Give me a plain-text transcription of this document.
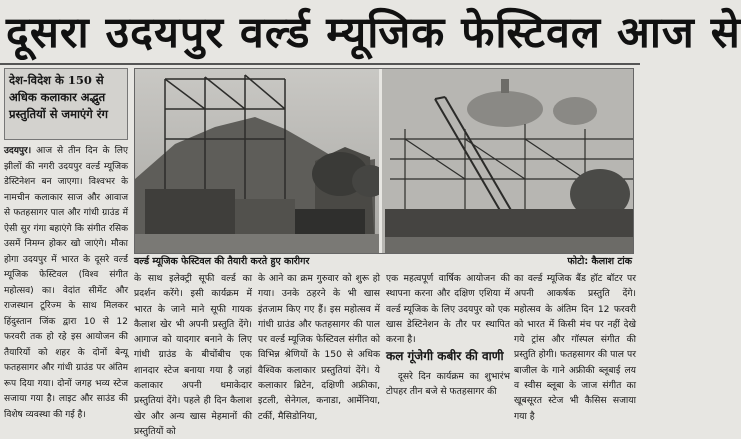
दूसरा उदयपुर वर्ल्ड म्यूजिक फेस्टिवल आज से
देश-विदेश के 150 से अधिक कलाकार अद्भुत प्रस्तुतियों से जमाएंगे रंग
उदयपुर। आज से तीन दिन के लिए झीलों की नगरी उदयपुर वर्ल्ड म्यूजिक डेस्टिनेशन बन जाएगा। विश्वभर के नामचीन कलाकार साज और आवाज से फतहसागर पाल और गांधी ग्राउंड में ऐसी सुर गंगा बहाएंगे कि संगीत रसिक उसमें निमग्न होकर खो जाएंगे। मौका होगा उदयपुर में भारत के दूसरे वर्ल्ड म्यूजिक फेस्टिवल (विश्व संगीत महोत्सव) का। वेदांत सीमेंट और राजस्थान टूरिज्म के साथ मिलकर हिंदुस्तान जिंक द्वारा 10 से 12 फरवरी तक हो रहे इस आयोजन की तैयारियों को शहर के दोनों बेन्यू फतहसागर और गांधी ग्राउंड पर अंतिम रूप दिया गया। दोनों जगह भव्य स्टेज सजाया गया है। लाइट और साउंड की विशेष व्यवस्था की गई है।
वर्ल्ड म्यूजिक फेस्टिवल की तैयारी करते हुए कारीगर	फोटो: कैलाश टांक
के साथ इलेक्ट्री सूफी वर्ल्ड का प्रदर्शन करेंगे। इसी कार्यक्रम में भारत के जाने माने सूफी गायक कैलाश खेर भी अपनी प्रस्तुति देंगे। आगाज को यादगार बनाने के लिए गांधी ग्राउंड के बीचोंबीच एक शानदार स्टेज बनाया गया है जहां कलाकार अपनी धमाकेदार प्रस्तुतियां देंगे। पहले ही दिन कैलाश खेर और अन्य खास मेहमानों की प्रस्तुतियों को
के आने का क्रम गुरुवार को शुरू हो गया। उनके ठहरने के भी खास इंतजाम किए गए हैं। इस महोत्सव में गांधी ग्राउंड और फतहसागर की पाल पर वर्ल्ड म्यूजिक फेस्टिवल संगीत को विभिन्न श्रेणियों के 150 से अधिक वैश्विक कलाकार प्रस्तुतियां देंगे। ये कलाकार ब्रिटेन, दक्षिणी अफ्रीका, इटली, सेनेगल, कनाडा, आर्मेनिया, टर्की, मैसिडोनिया,
एक महत्वपूर्ण वार्षिक आयोजन की स्थापना करना और दक्षिण एशिया में वर्ल्ड म्यूजिक के लिए उदयपुर को एक खास डेस्टिनेशन के तौर पर स्थापित करना है।
कल गूंजेगी कबीर की वाणी
दूसरे दिन कार्यक्रम का शुभारंभ टोपहर तीन बजे से फतहसागर की
का वर्ल्ड म्यूजिक बैंड हॉट बॉटर पर अपनी आकर्षक प्रस्तुति देंगे। महोत्सव के अंतिम दिन 12 फरवरी को भारत में किसी मंच पर नहीं देखे गये ट्रांस और गॉस्पल संगीत की प्रस्तुति होगी। फतहसागर की पाल पर बाजील के गाने अफ्रीकी ब्लूबाई लय व स्वीस ब्लूबा के जाज संगीत का खूबसूरत स्टेज भी कैसिस सजाया गया है
